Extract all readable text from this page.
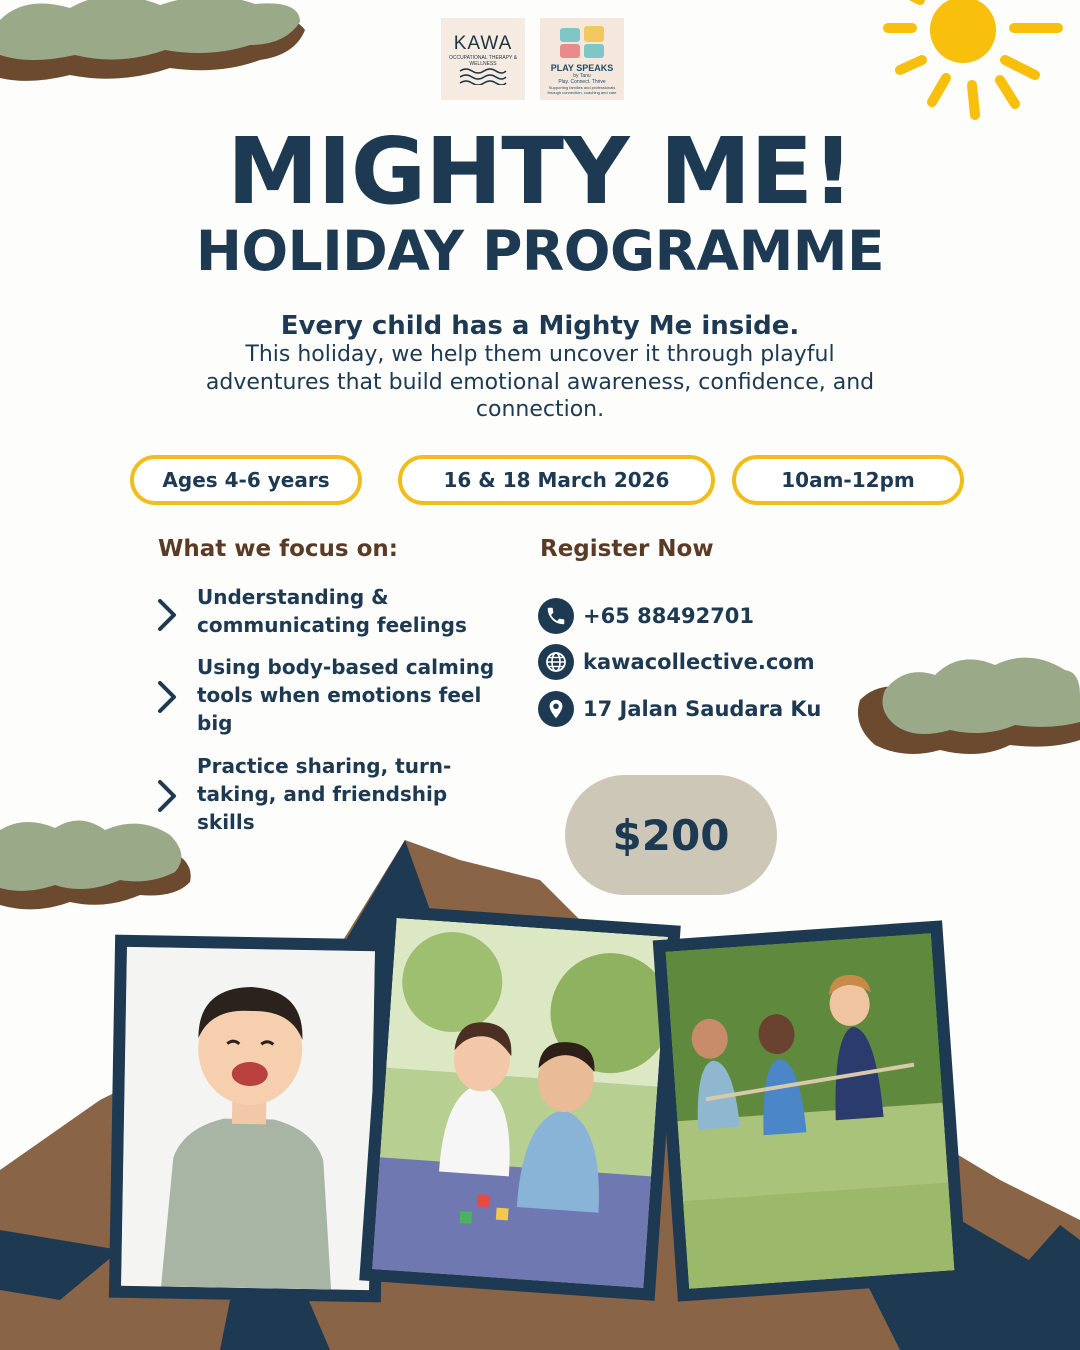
KAWA
OCCUPATIONAL THERAPY & WELLNESS	PLAY SPEAKS
by Tanu
Play. Connect. Thrive
Supporting families and professionals through connection, coaching and care
MIGHTY ME!
HOLIDAY PROGRAMME
Every child has a Mighty Me inside.
This holiday, we help them uncover it through playful adventures that build emotional awareness, confidence, and connection.
Ages 4-6 years	16 & 18 March 2026	10am-12pm
What we focus on:
Understanding & communicating feelings
Using body-based calming tools when emotions feel big
Practice sharing, turn-taking, and friendship skills
Register Now
+65 88492701
kawacollective.com
17 Jalan Saudara Ku
$200
